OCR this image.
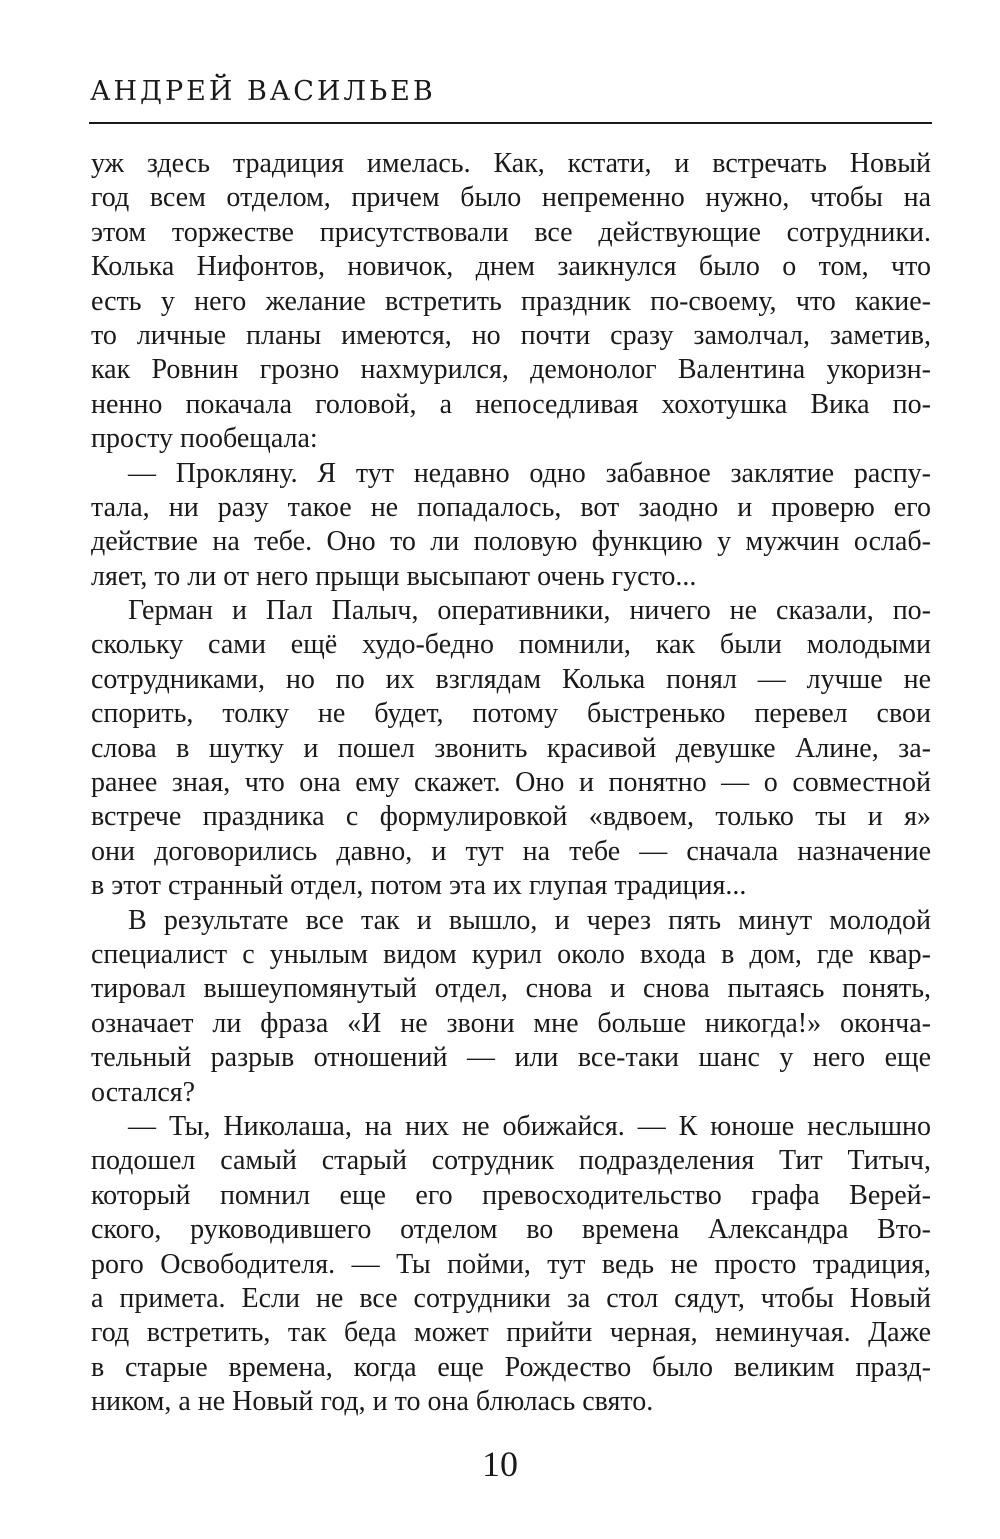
АНДРЕЙ ВАСИЛЬЕВ
уж здесь традиция имелась. Как, кстати, и встречать Новый
год всем отделом, причем было непременно нужно, чтобы на
этом торжестве присутствовали все действующие сотрудники.
Колька Нифонтов, новичок, днем заикнулся было о том, что
есть у него желание встретить праздник по-своему, что какие-
то личные планы имеются, но почти сразу замолчал, заметив,
как Ровнин грозно нахмурился, демонолог Валентина укоризн-
ненно покачала головой, а непоседливая хохотушка Вика по-
просту пообещала:
— Прокляну. Я тут недавно одно забавное заклятие распу-
тала, ни разу такое не попадалось, вот заодно и проверю его
действие на тебе. Оно то ли половую функцию у мужчин ослаб-
ляет, то ли от него прыщи высыпают очень густо...
Герман и Пал Палыч, оперативники, ничего не сказали, по-
скольку сами ещё худо-бедно помнили, как были молодыми
сотрудниками, но по их взглядам Колька понял — лучше не
спорить, толку не будет, потому быстренько перевел свои
слова в шутку и пошел звонить красивой девушке Алине, за-
ранее зная, что она ему скажет. Оно и понятно — о совместной
встрече праздника с формулировкой «вдвоем, только ты и я»
они договорились давно, и тут на тебе — сначала назначение
в этот странный отдел, потом эта их глупая традиция...
В результате все так и вышло, и через пять минут молодой
специалист с унылым видом курил около входа в дом, где квар-
тировал вышеупомянутый отдел, снова и снова пытаясь понять,
означает ли фраза «И не звони мне больше никогда!» оконча-
тельный разрыв отношений — или все-таки шанс у него еще
остался?
— Ты, Николаша, на них не обижайся. — К юноше неслышно
подошел самый старый сотрудник подразделения Тит Титыч,
который помнил еще его превосходительство графа Верей-
ского, руководившего отделом во времена Александра Вто-
рого Освободителя. — Ты пойми, тут ведь не просто традиция,
а примета. Если не все сотрудники за стол сядут, чтобы Новый
год встретить, так беда может прийти черная, неминучая. Даже
в старые времена, когда еще Рождество было великим празд-
ником, а не Новый год, и то она блюлась свято.
10
